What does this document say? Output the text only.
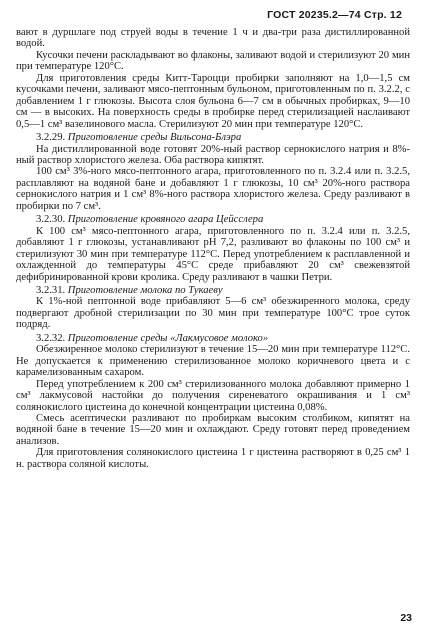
ГОСТ 20235.2—74 Стр. 12

вают в дуршлаге под струей воды в течение 1 ч и два-три раза дистиллированной водой.

Кусочки печени раскладывают во флаконы, заливают водой и стерилизуют 20 мин при температуре 120°С.

Для приготовления среды Китт-Тароцци пробирки заполняют на 1,0—1,5 см кусочками печени, заливают мясо-пептонным бульоном, приготовленным по п. 3.2.2, с добавлением 1 г глюкозы. Высота слоя бульона 6—7 см в обычных пробирках, 9—10 см — в высоких. На поверхность среды в пробирке перед стерилизацией наслаивают 0,5—1 см³ вазелинового масла. Стерилизуют 20 мин при температуре 120°С.

3.2.29. Приготовление среды Вильсона-Блэра

На дистиллированной воде готовят 20%-ный раствор сернокислого натрия и 8%-ный раствор хлористого железа. Оба раствора кипятят.

100 см³ 3%-ного мясо-пептонного агара, приготовленного по п. 3.2.4 или п. 3.2.5, расплавляют на водяной бане и добавляют 1 г глюкозы, 10 см³ 20%-ного раствора сернокислого натрия и 1 см³ 8%-ного раствора хлористого железа. Среду разливают в пробирки по 7 см³.

3.2.30. Приготовление кровяного агара Цейсслера

К 100 см³ мясо-пептонного агара, приготовленного по п. 3.2.4 или п. 3.2.5, добавляют 1 г глюкозы, устанавливают рН 7,2, разливают во флаконы по 100 см³ и стерилизуют 30 мин при температуре 112°С. Перед употреблением к расплавленной и охлажденной до температуры 45°С среде прибавляют 20 см³ свежевзятой дефибринированной крови кролика. Среду разливают в чашки Петри.

3.2.31. Приготовление молока по Тукаеву

К 1%-ной пептонной воде прибавляют 5—6 см³ обезжиренного молока, среду подвергают дробной стерилизации по 30 мин при температуре 100°С трое суток подряд.

3.2.32. Приготовление среды «Лакмусовое молоко»

Обезжиренное молоко стерилизуют в течение 15—20 мин при температуре 112°С. Не допускается к применению стерилизованное молоко коричневого цвета и с карамелизованным сахаром.

Перед употреблением к 200 см³ стерилизованного молока добавляют примерно 1 см³ лакмусовой настойки до получения сиреневатого окрашивания и 1 см³ солянокислого цистеина до конечной концентрации цистеина 0,08%.

Смесь асептически разливают по пробиркам высоким столбиком, кипятят на водяной бане в течение 15—20 мин и охлаждают. Среду готовят перед проведением анализов.

Для приготовления солянокислого цистеина 1 г цистеина растворяют в 0,25 см³ 1 н. раствора соляной кислоты.

23
